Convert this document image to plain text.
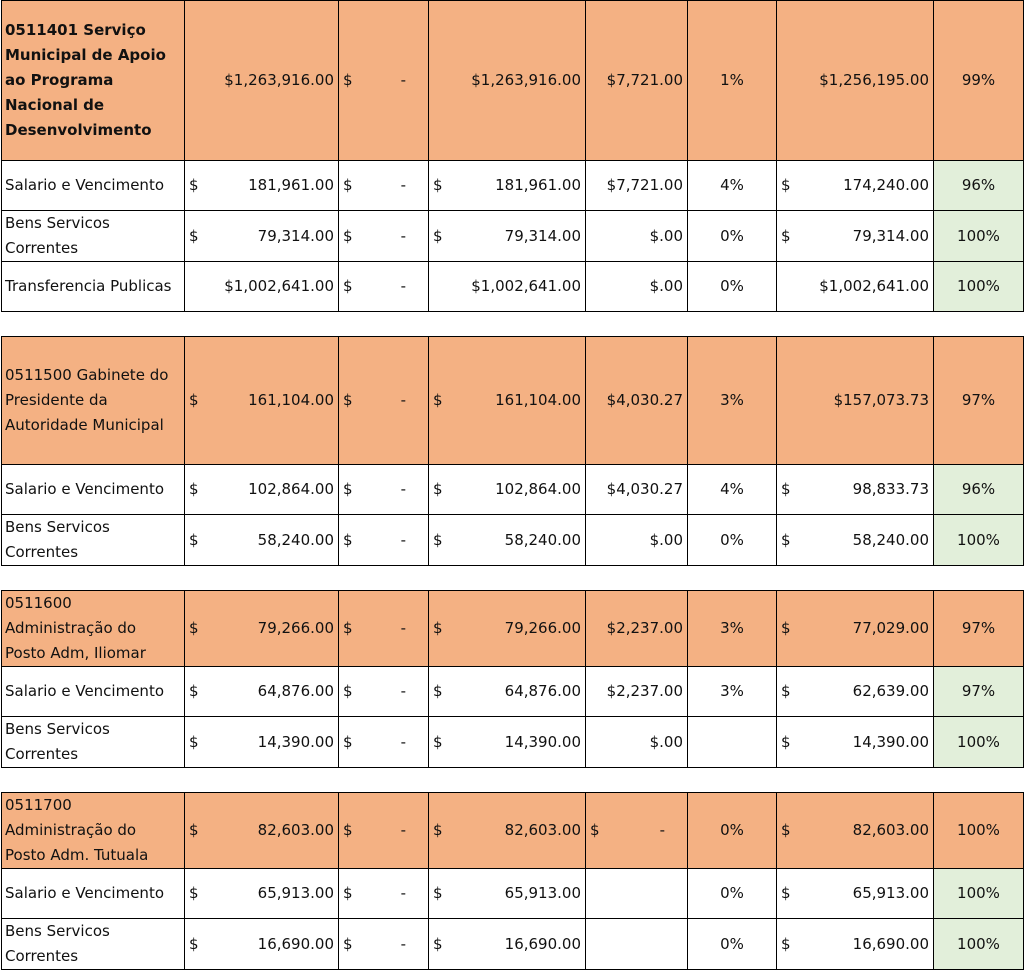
0511401 Serviço Municipal de Apoio ao Programa Nacional de Desenvolvimento	$1,263,916.00	$ -	$1,263,916.00	$7,721.00	1%	$1,256,195.00	99%
Salario e Vencimento	$ 181,961.00	$ -	$ 181,961.00	$7,721.00	4%	$ 174,240.00	96%
Bens Servicos Correntes	$ 79,314.00	$ -	$ 79,314.00	$.00	0%	$ 79,314.00	100%
Transferencia Publicas	$1,002,641.00	$ -	$1,002,641.00	$.00	0%	$1,002,641.00	100%

0511500 Gabinete do Presidente da Autoridade Municipal	$ 161,104.00	$ -	$ 161,104.00	$4,030.27	3%	$157,073.73	97%
Salario e Vencimento	$ 102,864.00	$ -	$ 102,864.00	$4,030.27	4%	$ 98,833.73	96%
Bens Servicos Correntes	$ 58,240.00	$ -	$ 58,240.00	$.00	0%	$ 58,240.00	100%

0511600 Administração do Posto Adm, Iliomar	$ 79,266.00	$ -	$ 79,266.00	$2,237.00	3%	$ 77,029.00	97%
Salario e Vencimento	$ 64,876.00	$ -	$ 64,876.00	$2,237.00	3%	$ 62,639.00	97%
Bens Servicos Correntes	$ 14,390.00	$ -	$ 14,390.00	$.00		$ 14,390.00	100%

0511700 Administração do Posto Adm. Tutuala	$ 82,603.00	$ -	$ 82,603.00	$ -	0%	$ 82,603.00	100%
Salario e Vencimento	$ 65,913.00	$ -	$ 65,913.00		0%	$ 65,913.00	100%
Bens Servicos Correntes	$ 16,690.00	$ -	$ 16,690.00		0%	$ 16,690.00	100%
